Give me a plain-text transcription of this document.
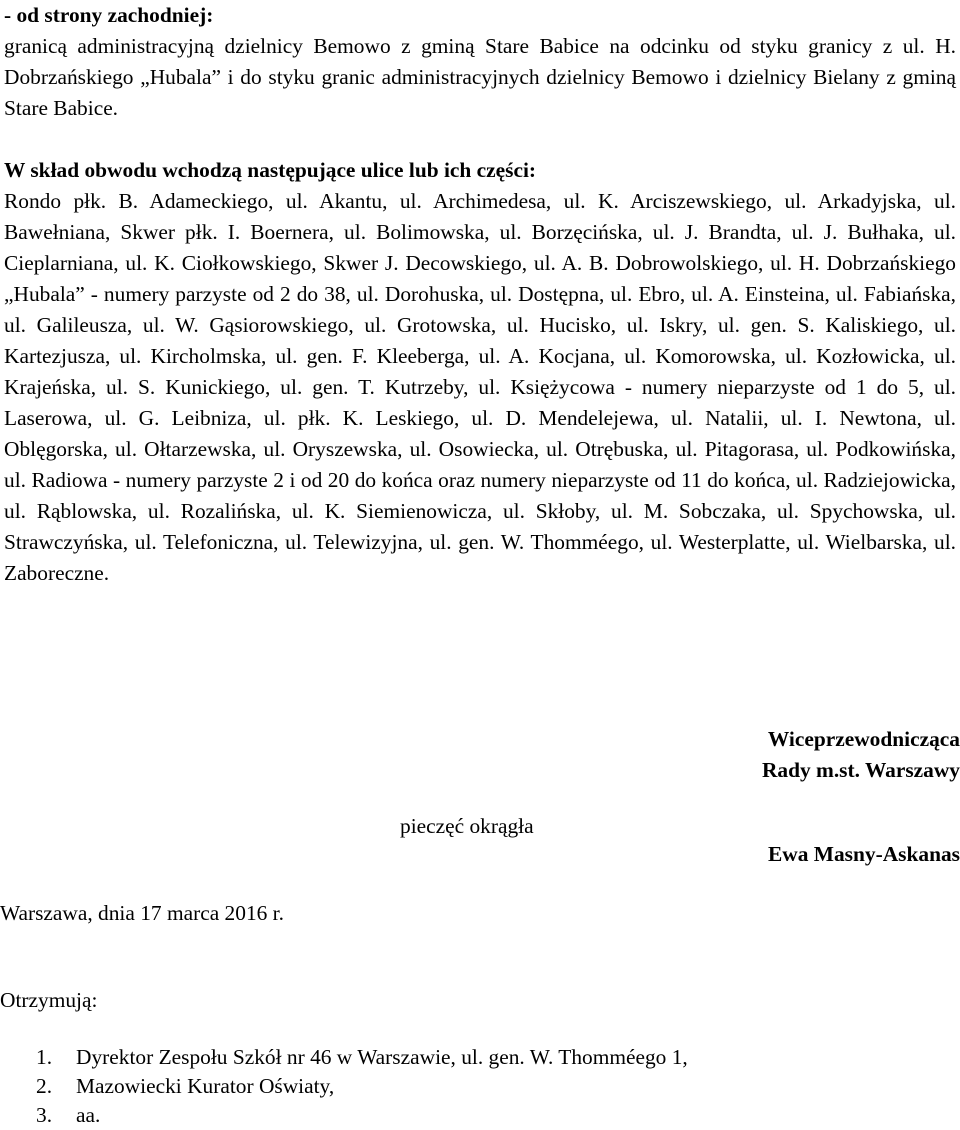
- od strony zachodniej:

granicą administracyjną dzielnicy Bemowo z gminą Stare Babice na odcinku od styku granicy z ul. H. Dobrzańskiego „Hubala” i do styku granic administracyjnych dzielnicy Bemowo i dzielnicy Bielany z gminą Stare Babice.

W skład obwodu wchodzą następujące ulice lub ich części:

Rondo płk. B. Adameckiego, ul. Akantu, ul. Archimedesa, ul. K. Arciszewskiego, ul. Arkadyjska, ul. Bawełniana, Skwer płk. I. Boernera, ul. Bolimowska, ul. Borzęcińska, ul. J. Brandta, ul. J. Bułhaka, ul. Cieplarniana, ul. K. Ciołkowskiego, Skwer J. Decowskiego, ul. A. B. Dobrowolskiego, ul. H. Dobrzańskiego „Hubala” - numery parzyste od 2 do 38, ul. Dorohuska, ul. Dostępna, ul. Ebro, ul. A. Einsteina, ul. Fabiańska, ul. Galileusza, ul. W. Gąsiorowskiego, ul. Grotowska, ul. Hucisko, ul. Iskry, ul. gen. S. Kaliskiego, ul. Kartezjusza, ul. Kircholmska, ul. gen. F. Kleeberga, ul. A. Kocjana, ul. Komorowska, ul. Kozłowicka, ul. Krajeńska, ul. S. Kunickiego, ul. gen. T. Kutrzeby, ul. Księżycowa - numery nieparzyste od 1 do 5, ul. Laserowa, ul. G. Leibniza, ul. płk. K. Leskiego, ul. D. Mendelejewa, ul. Natalii, ul. I. Newtona, ul. Oblęgorska, ul. Ołtarzewska, ul. Oryszewska, ul. Osowiecka, ul. Otrębuska, ul. Pitagorasa, ul. Podkowińska, ul. Radiowa - numery parzyste 2 i od 20 do końca oraz numery nieparzyste od 11 do końca, ul. Radziejowicka, ul. Rąblowska, ul. Rozalińska, ul. K. Siemienowicza, ul. Skłoby, ul. M. Sobczaka, ul. Spychowska, ul. Strawczyńska, ul. Telefoniczna, ul. Telewizyjna, ul. gen. W. Thomméego, ul. Westerplatte, ul. Wielbarska, ul. Zaboreczne.

Wiceprzewodnicząca
Rady m.st. Warszawy
pieczęć okrągła
Ewa Masny-Askanas
Warszawa, dnia 17 marca 2016 r.
Otrzymują:
1.	Dyrektor Zespołu Szkół nr 46 w Warszawie, ul. gen. W. Thomméego 1,
2.	Mazowiecki Kurator Oświaty,
3.	aa.
